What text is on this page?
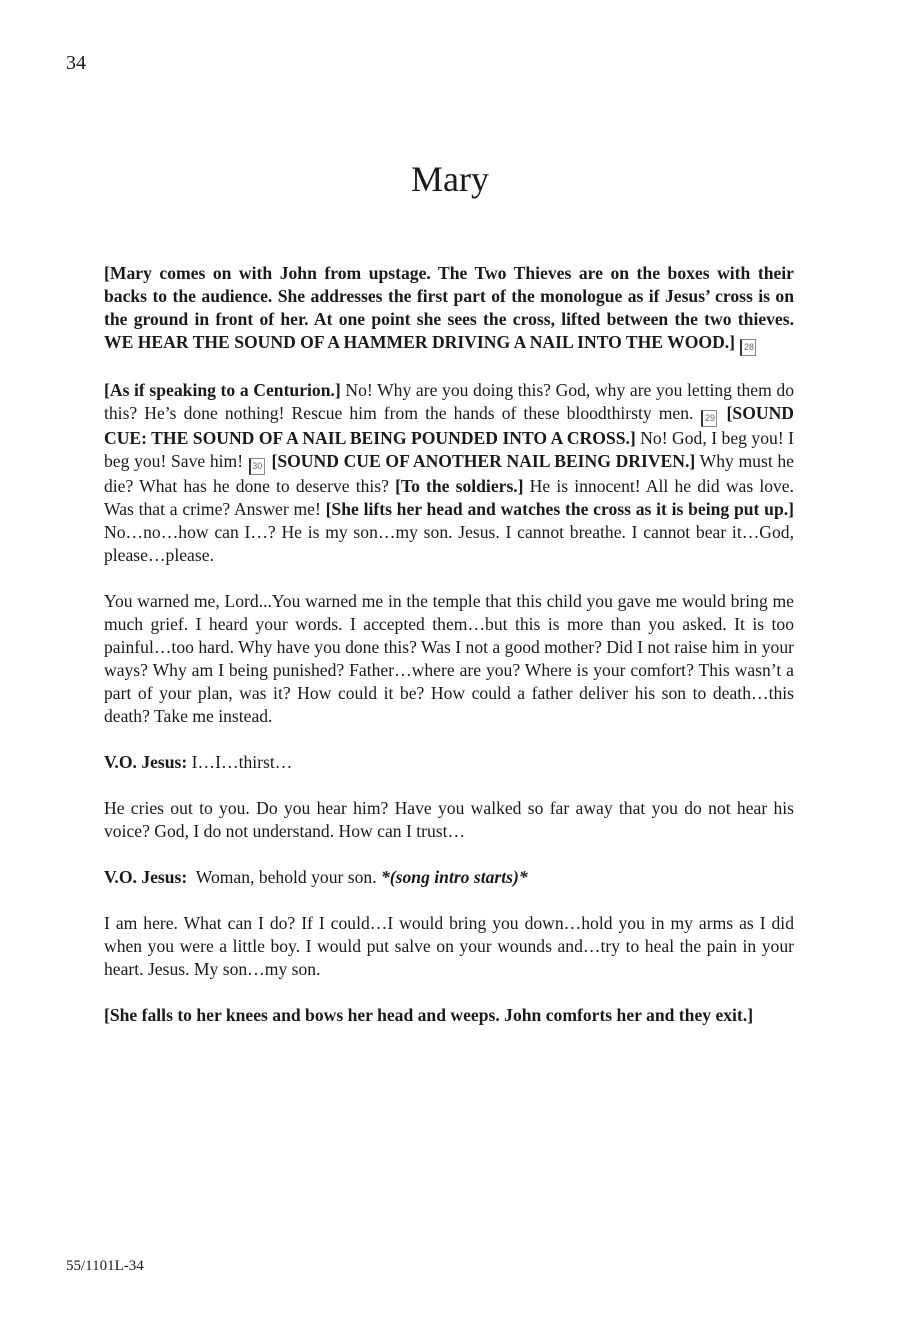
34
Mary

[Mary comes on with John from upstage. The Two Thieves are on the boxes with their backs to the audience. She addresses the first part of the monologue as if Jesus’ cross is on the ground in front of her. At one point she sees the cross, lifted between the two thieves. WE HEAR THE SOUND OF A HAMMER DRIVING A NAIL INTO THE WOOD.] 28

[As if speaking to a Centurion.] No! Why are you doing this? God, why are you letting them do this? He’s done nothing! Rescue him from the hands of these bloodthirsty men. 29 [SOUND CUE: THE SOUND OF A NAIL BEING POUNDED INTO A CROSS.] No! God, I beg you! I beg you! Save him! 30 [SOUND CUE OF ANOTHER NAIL BEING DRIVEN.] Why must he die? What has he done to deserve this? [To the soldiers.] He is innocent! All he did was love. Was that a crime? Answer me! [She lifts her head and watches the cross as it is being put up.] No…no…how can I…? He is my son…my son. Jesus. I cannot breathe. I cannot bear it…God, please…please.

You warned me, Lord...You warned me in the temple that this child you gave me would bring me much grief. I heard your words. I accepted them…but this is more than you asked. It is too painful…too hard. Why have you done this? Was I not a good mother? Did I not raise him in your ways? Why am I being punished? Father…where are you? Where is your comfort? This wasn’t a part of your plan, was it? How could it be? How could a father deliver his son to death…this death? Take me instead.

V.O. Jesus: I…I…thirst…

He cries out to you. Do you hear him? Have you walked so far away that you do not hear his voice? God, I do not understand. How can I trust…

V.O. Jesus:  Woman, behold your son. *(song intro starts)*

I am here. What can I do? If I could…I would bring you down…hold you in my arms as I did when you were a little boy. I would put salve on your wounds and…try to heal the pain in your heart. Jesus. My son…my son.

[She falls to her knees and bows her head and weeps. John comforts her and they exit.]

55/1101L-34
